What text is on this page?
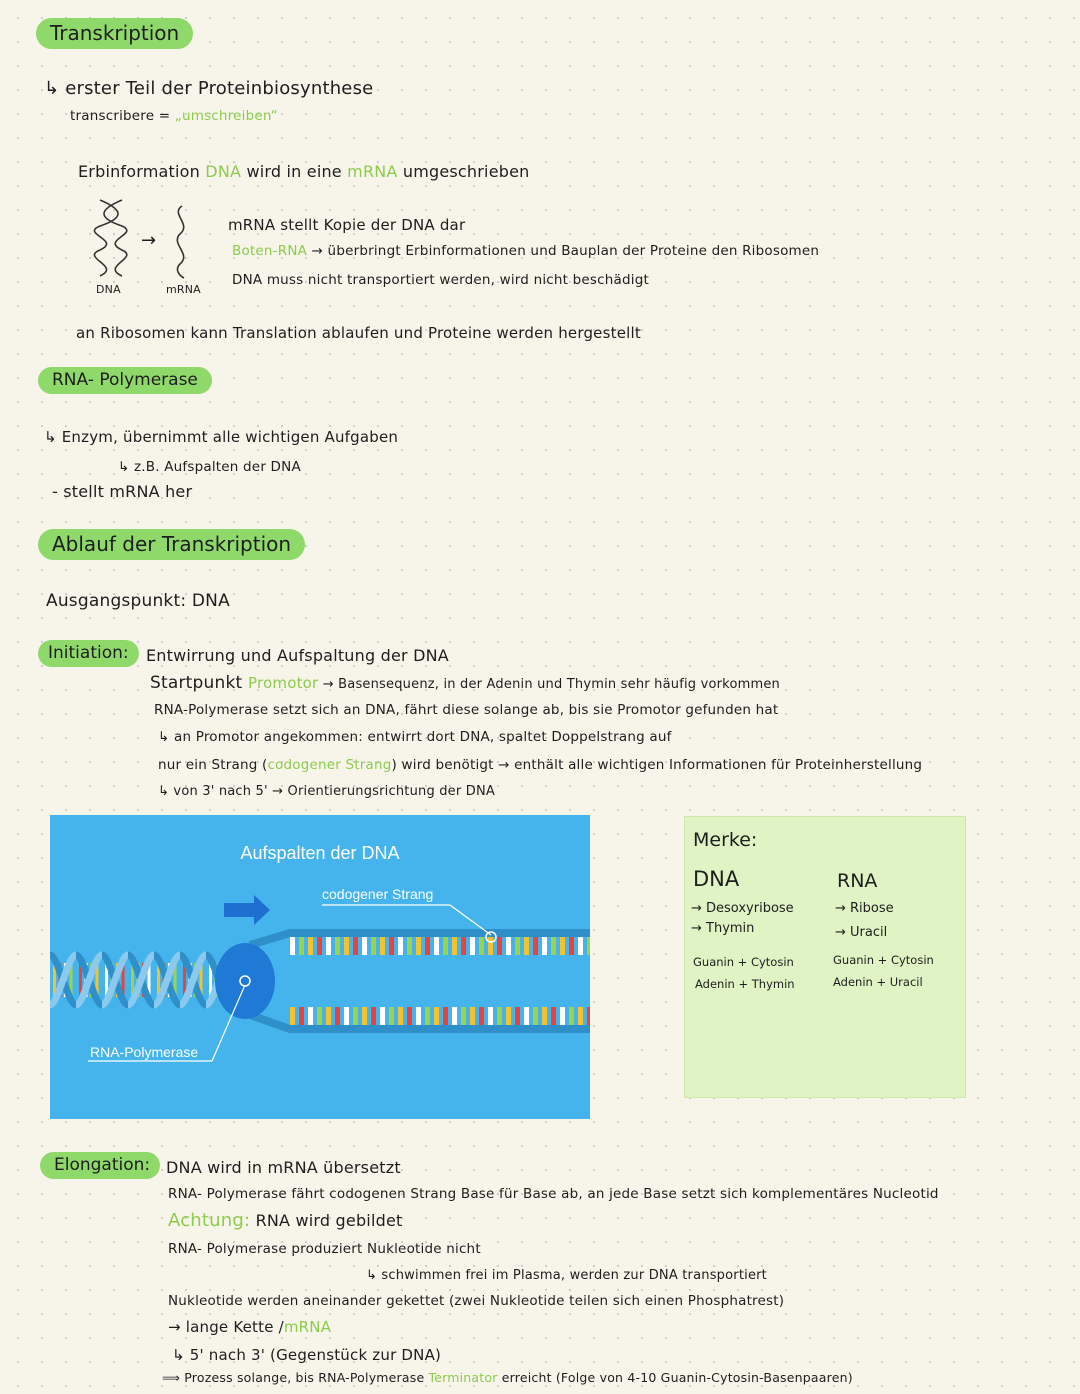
Transkription
↳ erster Teil der Proteinbiosynthese
transcribere = „umschreiben“
Erbinformation DNA wird in eine mRNA umgeschrieben
DNA
→
mRNA
mRNA stellt Kopie der DNA dar
Boten-RNA → überbringt Erbinformationen und Bauplan der Proteine den Ribosomen
DNA muss nicht transportiert werden, wird nicht beschädigt
an Ribosomen kann Translation ablaufen und Proteine werden hergestellt
RNA- Polymerase
↳ Enzym, übernimmt alle wichtigen Aufgaben
↳ z.B. Aufspalten der DNA
- stellt mRNA her
Ablauf der Transkription
Ausgangspunkt: DNA
Initiation:	Entwirrung und Aufspaltung der DNA
Startpunkt Promotor → Basensequenz, in der Adenin und Thymin sehr häufig vorkommen
RNA-Polymerase setzt sich an DNA, fährt diese solange ab, bis sie Promotor gefunden hat
↳ an Promotor angekommen: entwirrt dort DNA, spaltet Doppelstrang auf
nur ein Strang (codogener Strang) wird benötigt → enthält alle wichtigen Informationen für Proteinherstellung
↳ von 3' nach 5' → Orientierungsrichtung der DNA
Aufspalten der DNA
RNA-Polymerase
codogener Strang
Merke:
DNA
→ Desoxyribose
→ Thymin
Guanin + Cytosin
Adenin + Thymin
RNA
→ Ribose
→ Uracil
Guanin + Cytosin
Adenin + Uracil
Elongation: DNA wird in mRNA übersetzt
RNA- Polymerase fährt codogenen Strang Base für Base ab, an jede Base setzt sich komplementäres Nucleotid
Achtung: RNA wird gebildet
RNA- Polymerase produziert Nukleotide nicht
↳ schwimmen frei im Plasma, werden zur DNA transportiert
Nukleotide werden aneinander gekettet (zwei Nukleotide teilen sich einen Phosphatrest)
→ lange Kette /mRNA
↳ 5' nach 3' (Gegenstück zur DNA)
⟹ Prozess solange, bis RNA-Polymerase Terminator erreicht (Folge von 4-10 Guanin-Cytosin-Basenpaaren)
